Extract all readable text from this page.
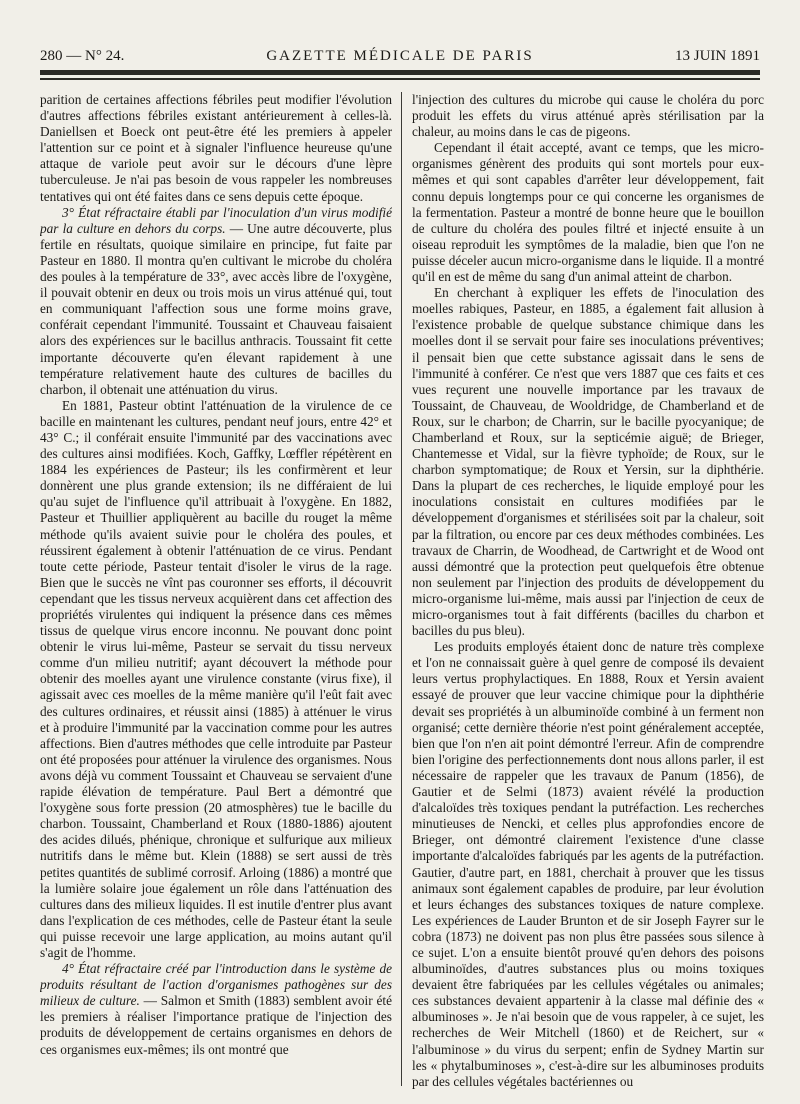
280 — N° 24.	GAZETTE MÉDICALE DE PARIS	13 JUIN 1891

parition de certaines affections fébriles peut modifier l'évolution d'autres affections fébriles existant antérieurement à celles-là. Daniellsen et Boeck ont peut-être été les premiers à appeler l'attention sur ce point et à signaler l'influence heureuse qu'une attaque de variole peut avoir sur le décours d'une lèpre tuberculeuse. Je n'ai pas besoin de vous rappeler les nombreuses tentatives qui ont été faites dans ce sens depuis cette époque.

3° État réfractaire établi par l'inoculation d'un virus modifié par la culture en dehors du corps. — Une autre découverte, plus fertile en résultats, quoique similaire en principe, fut faite par Pasteur en 1880. Il montra qu'en cultivant le microbe du choléra des poules à la température de 33°, avec accès libre de l'oxygène, il pouvait obtenir en deux ou trois mois un virus atténué qui, tout en communiquant l'affection sous une forme moins grave, conférait cependant l'immunité. Toussaint et Chauveau faisaient alors des expériences sur le bacillus anthracis. Toussaint fit cette importante découverte qu'en élevant rapidement à une température relativement haute des cultures de bacilles du charbon, il obtenait une atténuation du virus.

En 1881, Pasteur obtint l'atténuation de la virulence de ce bacille en maintenant les cultures, pendant neuf jours, entre 42° et 43° C.; il conférait ensuite l'immunité par des vaccinations avec des cultures ainsi modifiées. Koch, Gaffky, Lœffler répétèrent en 1884 les expériences de Pasteur; ils les confirmèrent et leur donnèrent une plus grande extension; ils ne différaient de lui qu'au sujet de l'influence qu'il attribuait à l'oxygène. En 1882, Pasteur et Thuillier appliquèrent au bacille du rouget la même méthode qu'ils avaient suivie pour le choléra des poules, et réussirent également à obtenir l'atténuation de ce virus. Pendant toute cette période, Pasteur tentait d'isoler le virus de la rage. Bien que le succès ne vînt pas couronner ses efforts, il découvrit cependant que les tissus nerveux acquièrent dans cet affection des propriétés virulentes qui indiquent la présence dans ces mêmes tissus de quelque virus encore inconnu. Ne pouvant donc point obtenir le virus lui-même, Pasteur se servait du tissu nerveux comme d'un milieu nutritif; ayant découvert la méthode pour obtenir des moelles ayant une virulence constante (virus fixe), il agissait avec ces moelles de la même manière qu'il l'eût fait avec des cultures ordinaires, et réussit ainsi (1885) à atténuer le virus et à produire l'immunité par la vaccination comme pour les autres affections. Bien d'autres méthodes que celle introduite par Pasteur ont été proposées pour atténuer la virulence des organismes. Nous avons déjà vu comment Toussaint et Chauveau se servaient d'une rapide élévation de température. Paul Bert a démontré que l'oxygène sous forte pression (20 atmosphères) tue le bacille du charbon. Toussaint, Chamberland et Roux (1880-1886) ajoutent des acides dilués, phénique, chronique et sulfurique aux milieux nutritifs dans le même but. Klein (1888) se sert aussi de très petites quantités de sublimé corrosif. Arloing (1886) a montré que la lumière solaire joue également un rôle dans l'atténuation des cultures dans des milieux liquides. Il est inutile d'entrer plus avant dans l'explication de ces méthodes, celle de Pasteur étant la seule qui puisse recevoir une large application, au moins autant qu'il s'agit de l'homme.

4° État réfractaire créé par l'introduction dans le système de produits résultant de l'action d'organismes pathogènes sur des milieux de culture. — Salmon et Smith (1883) semblent avoir été les premiers à réaliser l'importance pratique de l'injection des produits de développement de certains organismes en dehors de ces organismes eux-mêmes; ils ont montré que

l'injection des cultures du microbe qui cause le choléra du porc produit les effets du virus atténué après stérilisation par la chaleur, au moins dans le cas de pigeons.

Cependant il était accepté, avant ce temps, que les micro-organismes génèrent des produits qui sont mortels pour eux-mêmes et qui sont capables d'arrêter leur développement, fait connu depuis longtemps pour ce qui concerne les organismes de la fermentation. Pasteur a montré de bonne heure que le bouillon de culture du choléra des poules filtré et injecté ensuite à un oiseau reproduit les symptômes de la maladie, bien que l'on ne puisse déceler aucun micro-organisme dans le liquide. Il a montré qu'il en est de même du sang d'un animal atteint de charbon.

En cherchant à expliquer les effets de l'inoculation des moelles rabiques, Pasteur, en 1885, a également fait allusion à l'existence probable de quelque substance chimique dans les moelles dont il se servait pour faire ses inoculations préventives; il pensait bien que cette substance agissait dans le sens de l'immunité à conférer. Ce n'est que vers 1887 que ces faits et ces vues reçurent une nouvelle importance par les travaux de Toussaint, de Chauveau, de Wooldridge, de Chamberland et de Roux, sur le charbon; de Charrin, sur le bacille pyocyanique; de Chamberland et Roux, sur la septicémie aiguë; de Brieger, Chantemesse et Vidal, sur la fièvre typhoïde; de Roux, sur le charbon symptomatique; de Roux et Yersin, sur la diphthérie. Dans la plupart de ces recherches, le liquide employé pour les inoculations consistait en cultures modifiées par le développement d'organismes et stérilisées soit par la chaleur, soit par la filtration, ou encore par ces deux méthodes combinées. Les travaux de Charrin, de Woodhead, de Cartwright et de Wood ont aussi démontré que la protection peut quelquefois être obtenue non seulement par l'injection des produits de développement du micro-organisme lui-même, mais aussi par l'injection de ceux de micro-organismes tout à fait différents (bacilles du charbon et bacilles du pus bleu).

Les produits employés étaient donc de nature très complexe et l'on ne connaissait guère à quel genre de composé ils devaient leurs vertus prophylactiques. En 1888, Roux et Yersin avaient essayé de prouver que leur vaccine chimique pour la diphthérie devait ses propriétés à un albuminoïde combiné à un ferment non organisé; cette dernière théorie n'est point généralement acceptée, bien que l'on n'en ait point démontré l'erreur. Afin de comprendre bien l'origine des perfectionnements dont nous allons parler, il est nécessaire de rappeler que les travaux de Panum (1856), de Gautier et de Selmi (1873) avaient révélé la production d'alcaloïdes très toxiques pendant la putréfaction. Les recherches minutieuses de Nencki, et celles plus approfondies encore de Brieger, ont démontré clairement l'existence d'une classe importante d'alcaloïdes fabriqués par les agents de la putréfaction. Gautier, d'autre part, en 1881, cherchait à prouver que les tissus animaux sont également capables de produire, par leur évolution et leurs échanges des substances toxiques de nature complexe. Les expériences de Lauder Brunton et de sir Joseph Fayrer sur le cobra (1873) ne doivent pas non plus être passées sous silence à ce sujet. L'on a ensuite bientôt prouvé qu'en dehors des poisons albuminoïdes, d'autres substances plus ou moins toxiques devaient être fabriquées par les cellules végétales ou animales; ces substances devaient appartenir à la classe mal définie des « albuminoses ». Je n'ai besoin que de vous rappeler, à ce sujet, les recherches de Weir Mitchell (1860) et de Reichert, sur « l'albuminose » du virus du serpent; enfin de Sydney Martin sur les « phytalbuminoses », c'est-à-dire sur les albuminoses produits par des cellules végétales bactériennes ou
